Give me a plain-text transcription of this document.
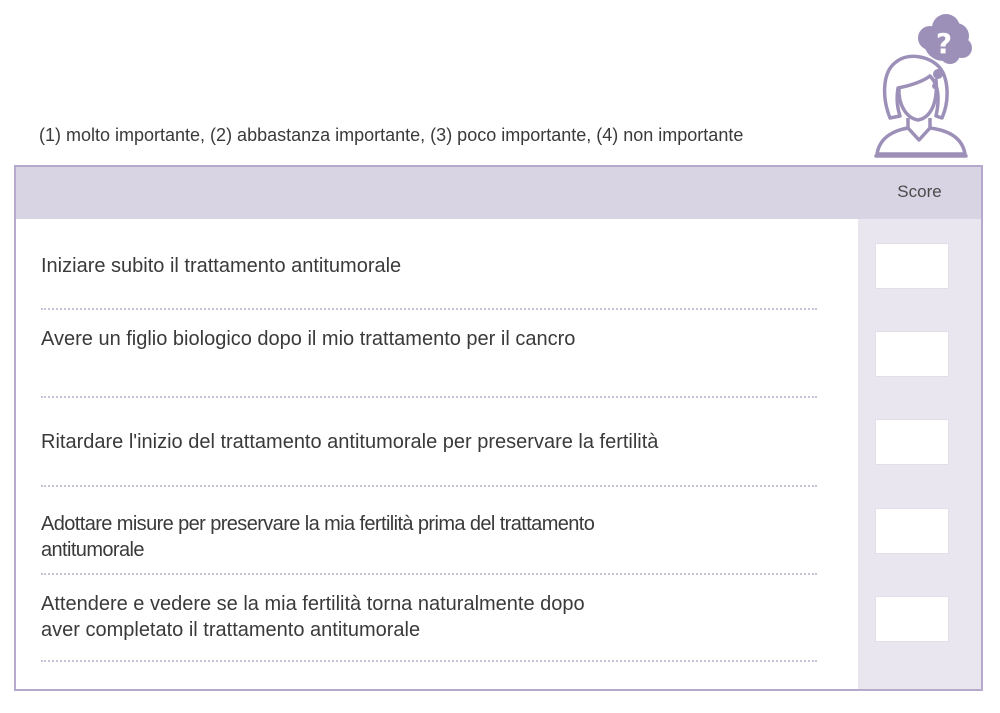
(1) molto importante, (2) abbastanza importante, (3) poco importante, (4) non importante
?
Score
Iniziare subito il trattamento antitumorale
Avere un figlio biologico dopo il mio trattamento per il cancro
Ritardare l'inizio del trattamento antitumorale per preservare la fertilità
Adottare misure per preservare la mia fertilità prima del trattamento
antitumorale
Attendere e vedere se la mia fertilità torna naturalmente dopo
aver completato il trattamento antitumorale
